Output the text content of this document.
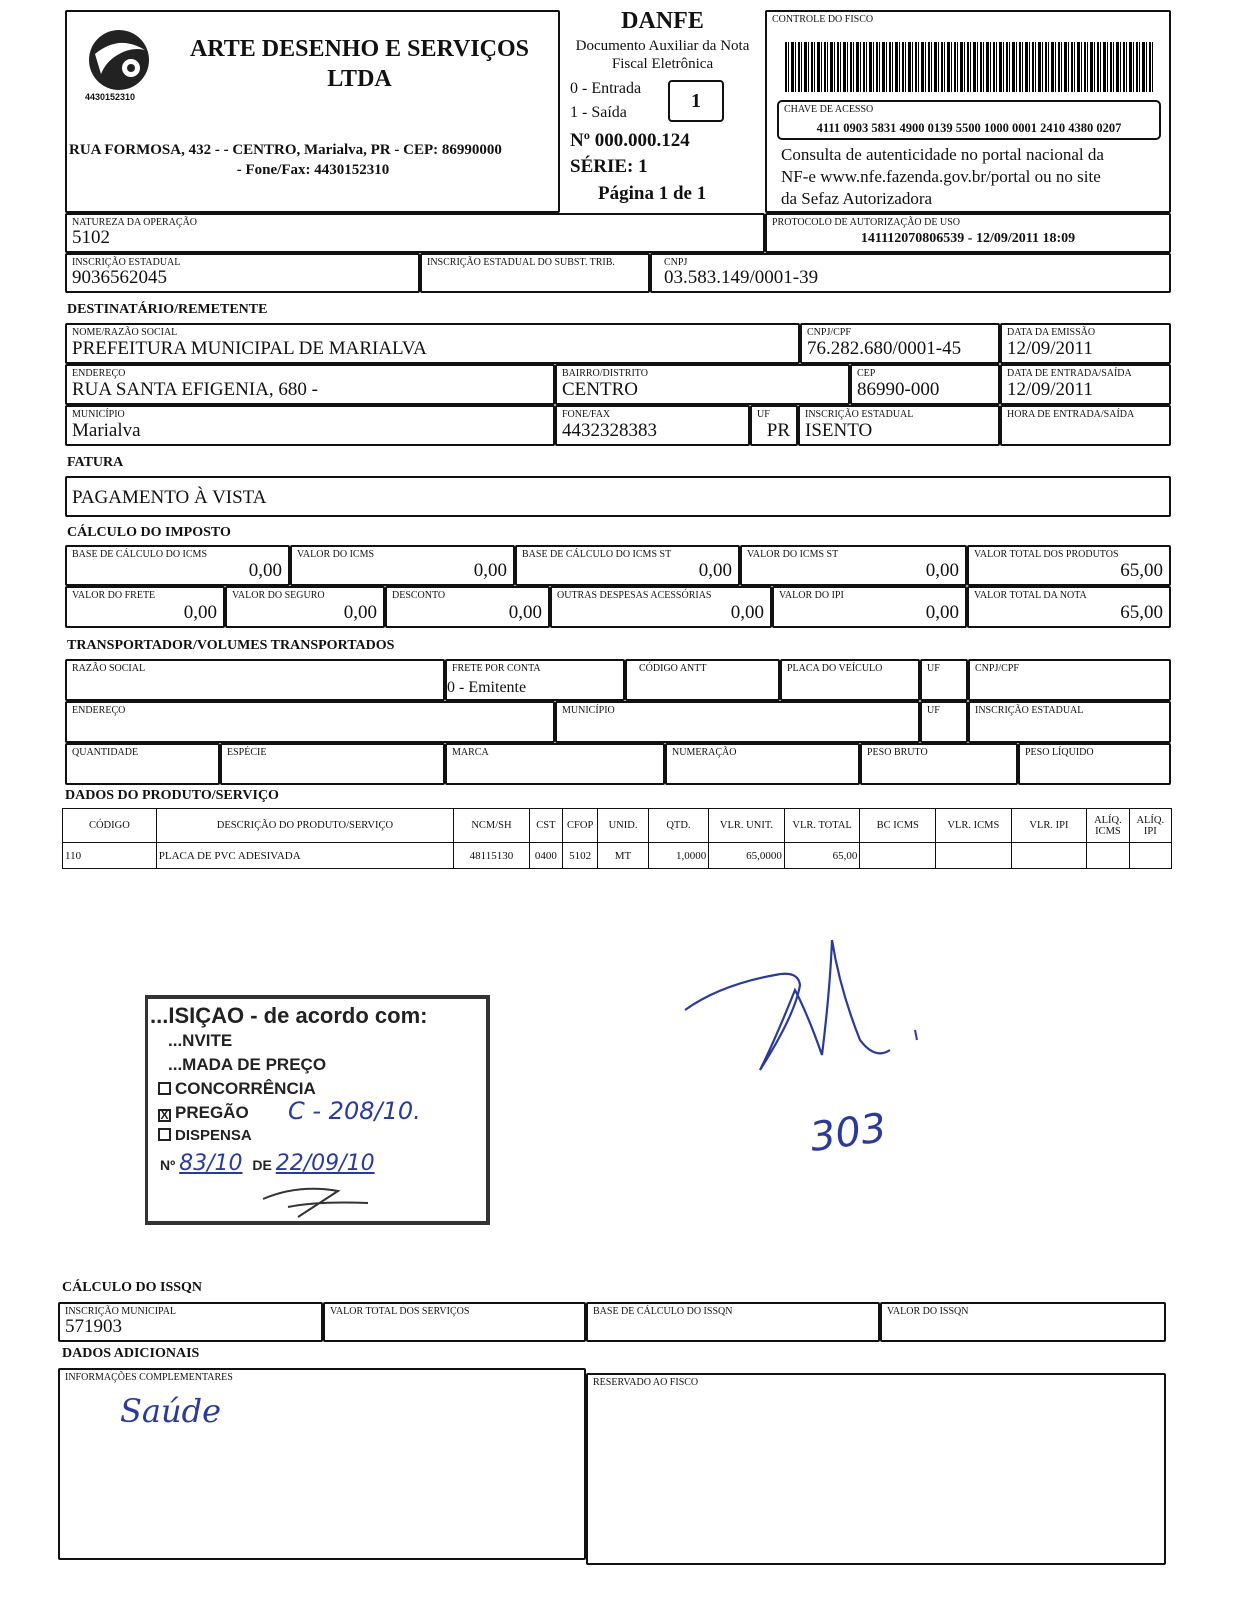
4430152310
ARTE DESENHO E SERVIÇOS
LTDA
RUA FORMOSA, 432 - - CENTRO, Marialva, PR - CEP: 86990000
- Fone/Fax: 4430152310
DANFE
Documento Auxiliar da Nota
Fiscal Eletrônica
0 - Entrada
1 - Saída
1
Nº 000.000.124
SÉRIE: 1
Página 1 de 1
CONTROLE DO FISCO
CHAVE DE ACESSO
4111 0903 5831 4900 0139 5500 1000 0001 2410 4380 0207
Consulta de autenticidade no portal nacional da
NF-e www.nfe.fazenda.gov.br/portal ou no site
da Sefaz Autorizadora
NATUREZA DA OPERAÇÃO
5102
PROTOCOLO DE AUTORIZAÇÃO DE USO
141112070806539 - 12/09/2011 18:09
INSCRIÇÃO ESTADUAL
9036562045
INSCRIÇÃO ESTADUAL DO SUBST. TRIB.	CNPJ
03.583.149/0001-39
DESTINATÁRIO/REMETENTE
NOME/RAZÃO SOCIAL
PREFEITURA MUNICIPAL DE MARIALVA
CNPJ/CPF
76.282.680/0001-45
DATA DA EMISSÃO
12/09/2011
ENDEREÇO
RUA SANTA EFIGENIA, 680 -
BAIRRO/DISTRITO
CENTRO
CEP
86990-000
DATA DE ENTRADA/SAÍDA
12/09/2011
MUNICÍPIO
Marialva
FONE/FAX
4432328383
UF
PR
INSCRIÇÃO ESTADUAL
ISENTO
HORA DE ENTRADA/SAÍDA
FATURA
PAGAMENTO À VISTA
CÁLCULO DO IMPOSTO
BASE DE CÁLCULO DO ICMS
0,00
VALOR DO ICMS
0,00
BASE DE CÁLCULO DO ICMS ST
0,00
VALOR DO ICMS ST
0,00
VALOR TOTAL DOS PRODUTOS
65,00
VALOR DO FRETE
0,00
VALOR DO SEGURO
0,00
DESCONTO
0,00
OUTRAS DESPESAS ACESSÓRIAS
0,00
VALOR DO IPI
0,00
VALOR TOTAL DA NOTA
65,00
TRANSPORTADOR/VOLUMES TRANSPORTADOS
RAZÃO SOCIAL	FRETE POR CONTA
0 - Emitente
CÓDIGO ANTT	PLACA DO VEÍCULO	UF	CNPJ/CPF
ENDEREÇO	MUNICÍPIO	UF	INSCRIÇÃO ESTADUAL
QUANTIDADE	ESPÉCIE	MARCA	NUMERAÇÃO	PESO BRUTO	PESO LÍQUIDO
DADOS DO PRODUTO/SERVIÇO
CÓDIGO	DESCRIÇÃO DO PRODUTO/SERVIÇO	NCM/SH	CST	CFOP	UNID.	QTD.	VLR. UNIT.	VLR. TOTAL	BC ICMS	VLR. ICMS	VLR. IPI	ALÍQ. ICMS	ALÍQ. IPI
110	PLACA DE PVC ADESIVADA	48115130	0400	5102	MT	1,0000	65,0000	65,00					
...ISIÇAO - de acordo com:
...NVITE
...MADA DE PREÇO
CONCORRÊNCIA
X PREGÃO C - 208/10.
DISPENSA
Nº 83/10 DE 22/09/10
303
CÁLCULO DO ISSQN
INSCRIÇÃO MUNICIPAL
571903
VALOR TOTAL DOS SERVIÇOS	BASE DE CÁLCULO DO ISSQN	VALOR DO ISSQN
DADOS ADICIONAIS
INFORMAÇÕES COMPLEMENTARES
Saúde
RESERVADO AO FISCO
